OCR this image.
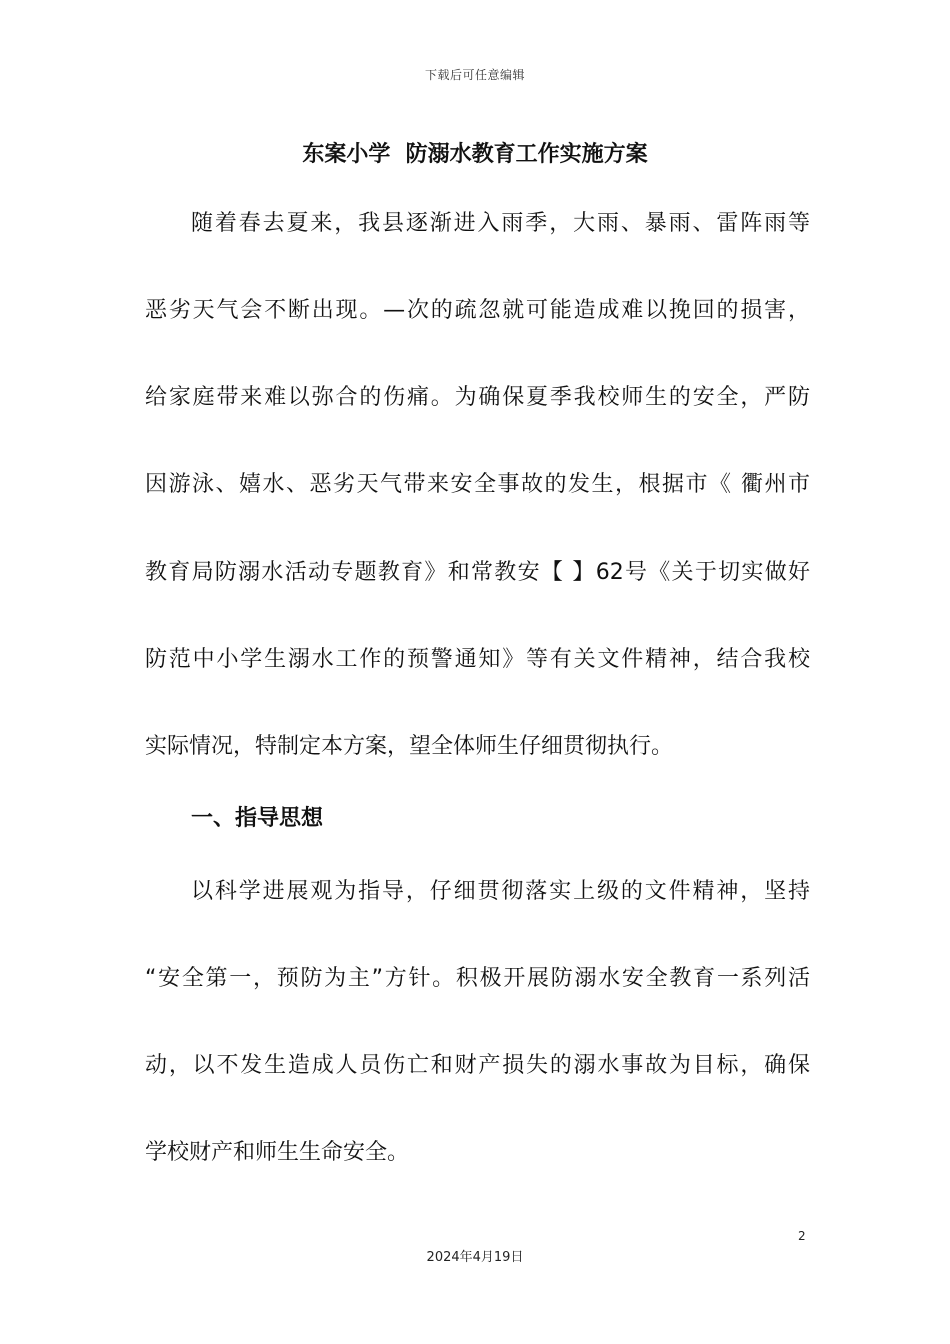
下载后可任意编辑
东案小学  防溺水教育工作实施方案
随着春去夏来，我县逐渐进入雨季，大雨、暴雨、雷阵雨等
恶劣天气会不断出现。—次的疏忽就可能造成难以挽回的损害，
给家庭带来难以弥合的伤痛。为确保夏季我校师生的安全，严防
因游泳、嬉水、恶劣天气带来安全事故的发生，根据市《 衢州市
教育局防溺水活动专题教育》和常教安【 】62号《关于切实做好
防范中小学生溺水工作的预警通知》等有关文件精神，结合我校
实际情况，特制定本方案，望全体师生仔细贯彻执行。
一、指导思想
以科学进展观为指导，仔细贯彻落实上级的文件精神，坚持
“安全第一，预防为主”方针。积极开展防溺水安全教育一系列活
动，以不发生造成人员伤亡和财产损失的溺水事故为目标，确保
学校财产和师生生命安全。
2
2024年4月19日
